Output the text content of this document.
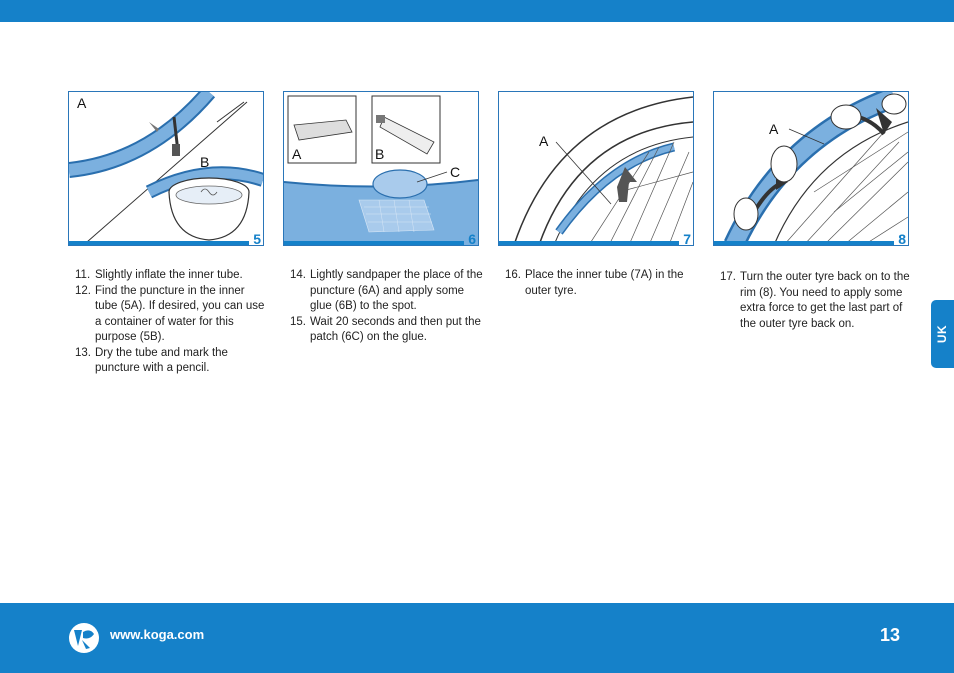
A
B
5
A	B
C
6
A
7
A
8
11. Slightly inflate the inner tube.
12. Find the puncture in the inner tube (5A). If desired, you can use a container of water for this purpose (5B).
13. Dry the tube and mark the puncture with a pencil.
14. Lightly sandpaper the place of the puncture (6A) and apply some glue (6B) to the spot.
15. Wait 20 seconds and then put the patch (6C) on the glue.
16. Place the inner tube (7A) in the outer tyre.
17. Turn the outer tyre back on to the rim (8). You need to apply some extra force to get the last part of the outer tyre back on.
UK
www.koga.com	13
